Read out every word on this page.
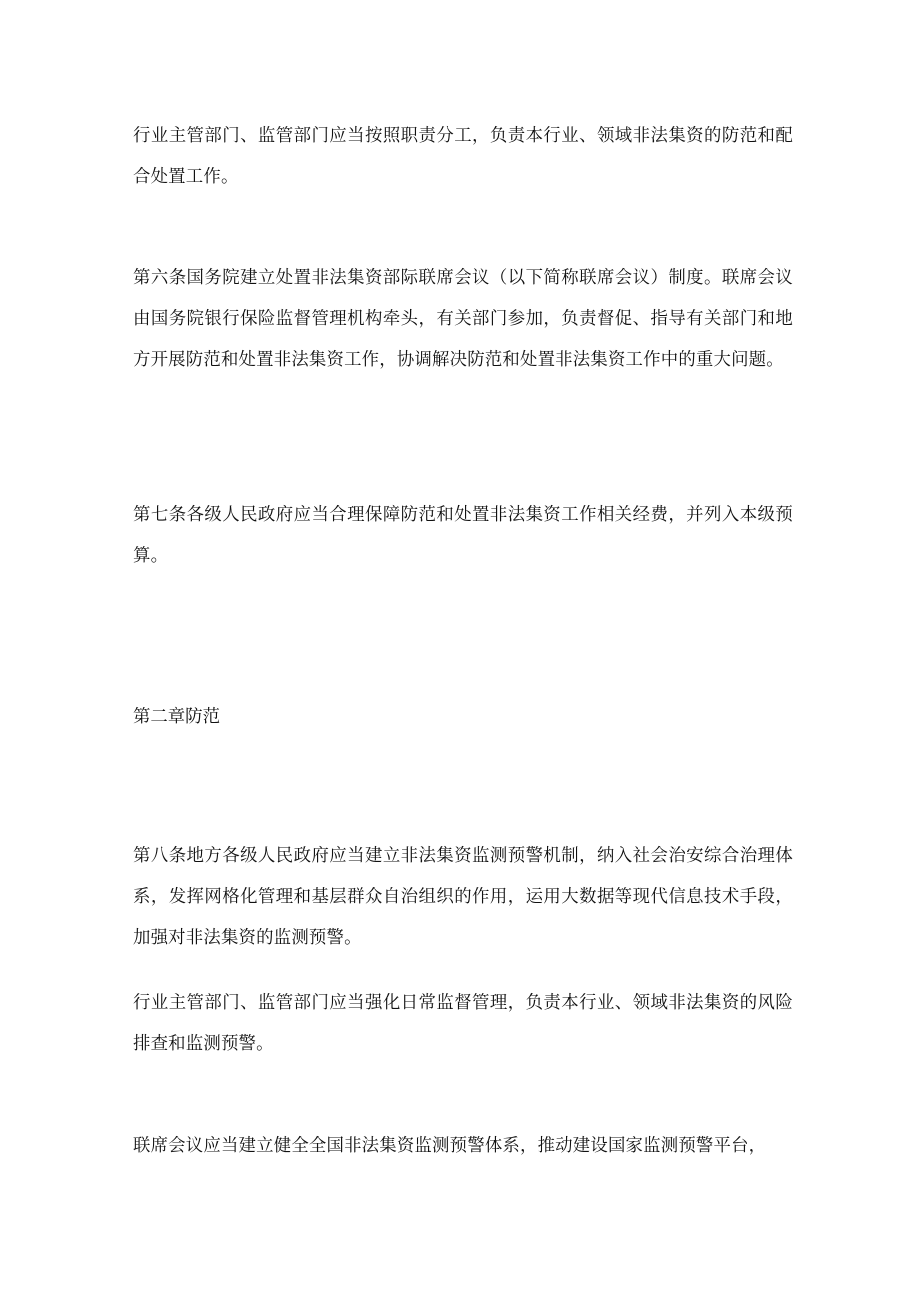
行业主管部门、监管部门应当按照职责分工，负责本行业、领域非法集资的防范和配合处置工作。

第六条国务院建立处置非法集资部际联席会议（以下简称联席会议）制度。联席会议由国务院银行保险监督管理机构牵头，有关部门参加，负责督促、指导有关部门和地方开展防范和处置非法集资工作，协调解决防范和处置非法集资工作中的重大问题。

第七条各级人民政府应当合理保障防范和处置非法集资工作相关经费，并列入本级预算。

第二章防范

第八条地方各级人民政府应当建立非法集资监测预警机制，纳入社会治安综合治理体系，发挥网格化管理和基层群众自治组织的作用，运用大数据等现代信息技术手段，加强对非法集资的监测预警。

行业主管部门、监管部门应当强化日常监督管理，负责本行业、领域非法集资的风险排查和监测预警。

联席会议应当建立健全全国非法集资监测预警体系，推动建设国家监测预警平台，
